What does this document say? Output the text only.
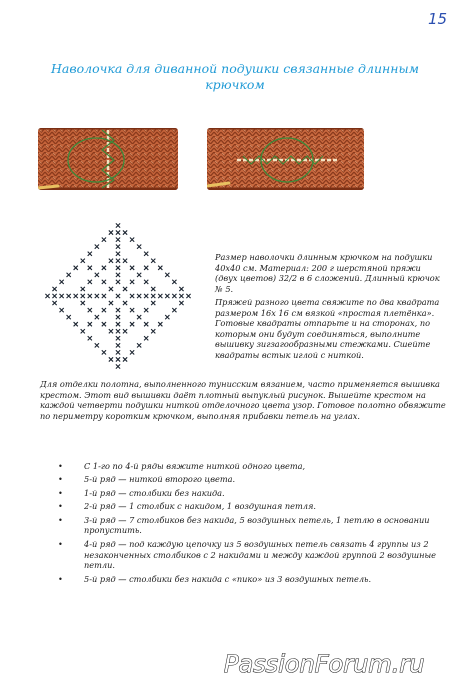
15
Наволочка для диванной подушки связанные длинным крючком

Размер наволочки длинным крючком на подушки 40х40 см. Материал: 200 г шерстяной пряжи (двух цветов) 32/2 в 6 сложений. Длинный крючок № 5.

Пряжей разного цвета свяжите по два квадрата размером 16х 16 см вязкой «простая плетёнка». Готовые квадраты отпарьте и на сторонах, по которым они будут соединяться, выполните вышивку зигзагообразными стежками. Сшейте квадраты встык иглой с ниткой.

Для отделки полотна, выполненного тунисским вязанием, часто применяется вышивка крестом. Этот вид вышивки даёт плотный выпуклый рисунок. Вышейте крестом на каждой четверти подушки ниткой отделочного цвета узор. Готовое полотно обвяжите по периметру коротким крючком, выполняя прибавки петель на углах.

•	С 1-го по 4-й ряды вяжите ниткой одного цвета,
•	5-й ряд — ниткой второго цвета.
•	1-й ряд — столбики без накида.
•	2-й ряд — 1 столбик с накидом, 1 воздушная петля.
•	3-й ряд — 7 столбиков без накида, 5 воздушных петель, 1 петлю в основании пропустить.
•	4-й ряд — под каждую цепочку из 5 воздушных петель связать 4 группы из 2 незаконченных столбиков с 2 накидами и между каждой группой 2 воздушные петли.
•	5-й ряд — столбики без накида с «пико» из 3 воздушных петель.
PassionForum.ru
